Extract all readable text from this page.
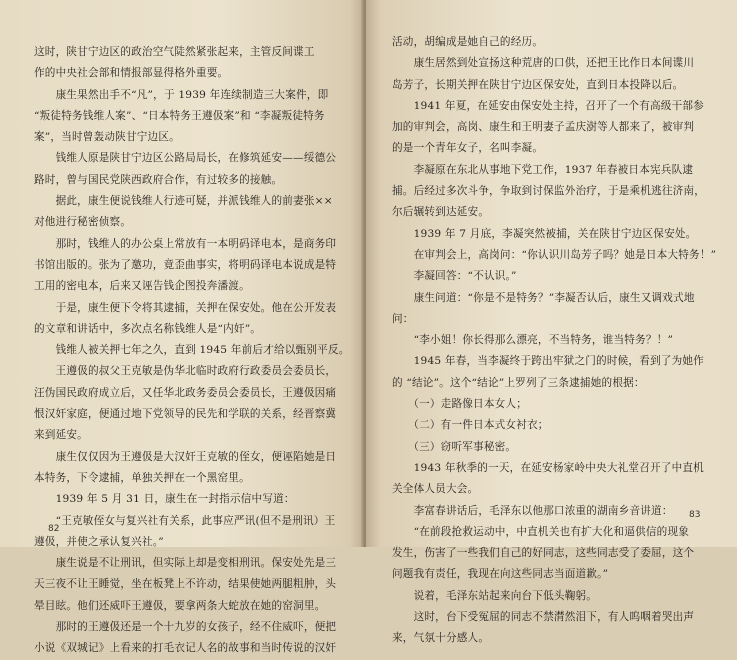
这时，陕甘宁边区的政治空气陡然紧张起来，主管反间谍工
作的中央社会部和情报部显得格外重要。
　　康生果然出手不“凡”，于 1939 年连续制造三大案件，即
“叛徒特务钱维人案”、“日本特务王遵伋案”和 “李凝叛徒特务
案”，当时曾轰动陕甘宁边区。
　　钱维人原是陕甘宁边区公路局局长，在修筑延安——绥德公
路时，曾与国民党陕西政府合作，有过较多的接触。
　　据此，康生便说钱维人行迹可疑，并派钱维人的前妻张××
对他进行秘密侦察。
　　那时，钱维人的办公桌上常放有一本明码译电本，是商务印
书馆出版的。张为了邀功，竟歪曲事实，将明码译电本说成是特
工用的密电本，后来又诬告钱企图投奔潘渡。
　　于是，康生便下令将其逮捕，关押在保安处。他在公开发表
的文章和讲话中，多次点名称钱维人是“内奸”。
　　钱维人被关押七年之久，直到 1945 年前后才给以甄别平反。
　　王遵伋的叔父王克敏是伪华北临时政府行政委员会委员长，
汪伪国民政府成立后，又任华北政务委员会委员长，王遵伋因痛
恨汉奸家庭，便通过地下党领导的民先和学联的关系，经晋察冀
来到延安。
　　康生仅仅因为王遵伋是大汉奸王克敏的侄女，便诬陷她是日
本特务，下令逮捕，单独关押在一个黑窑里。
　　1939 年 5 月 31 日，康生在一封指示信中写道：
　　“王克敏侄女与复兴社有关系，此事应严讯(但不是刑讯）王
遵伋，并使之承认复兴社。”
　　康生说是不让刑讯，但实际上却是变相刑讯。保安处先是三
天三夜不让王睡觉，坐在板凳上不许动，结果使她两腿粗肿，头
晕目眩。他们还威吓王遵伋，要拿两条大蛇放在她的窑洞里。
　　那时的王遵伋还是一个十九岁的女孩子，经不住威吓，便把
小说《双城记》上看来的打毛衣记人名的故事和当时传说的汉奸
82
活动，胡编成是她自己的经历。
　　康生居然到处宣扬这种荒唐的口供，还把王比作日本间谍川
岛芳子，长期关押在陕甘宁边区保安处，直到日本投降以后。
　　1941 年夏，在延安由保安处主持，召开了一个有高级干部参
加的审判会，高岗、康生和王明妻子孟庆澍等人都来了，被审判
的是一个青年女子，名叫李凝。
　　李凝原在东北从事地下党工作，1937 年春被日本宪兵队逮
捕。后经过多次斗争，争取到讨保监外治疗，于是乘机逃往济南，
尔后辗转到达延安。
　　1939 年 7 月底，李凝突然被捕，关在陕甘宁边区保安处。
　　在审判会上，高岗问：“你认识川岛芳子吗？她是日本大特务！”
　　李凝回答：“不认识。”
　　康生问道：“你是不是特务？”李凝否认后，康生又调戏式地
问：
　　“李小姐！你长得那么漂亮，不当特务，谁当特务？！”
　　1945 年春，当李凝终于跨出牢狱之门的时候，看到了为她作
的 “结论”。这个“结论”上罗列了三条逮捕她的根据：
　　（一）走路像日本女人；
　　（二）有一件日本式女衬衣；
　　（三）窃听军事秘密。
　　1943 年秋季的一天，在延安杨家岭中央大礼堂召开了中直机
关全体人员大会。
　　李富春讲话后，毛泽东以他那口浓重的湖南乡音讲道：
　　“在前段抢救运动中，中直机关也有扩大化和逼供信的现象
发生，伤害了一些我们自己的好同志，这些同志受了委屈，这个
问题我有责任，我现在向这些同志当面道歉。”
　　说着，毛泽东站起来向台下低头鞠躬。
　　这时，台下受冤屈的同志不禁潸然泪下，有人呜咽着哭出声
来，气氛十分感人。
83
